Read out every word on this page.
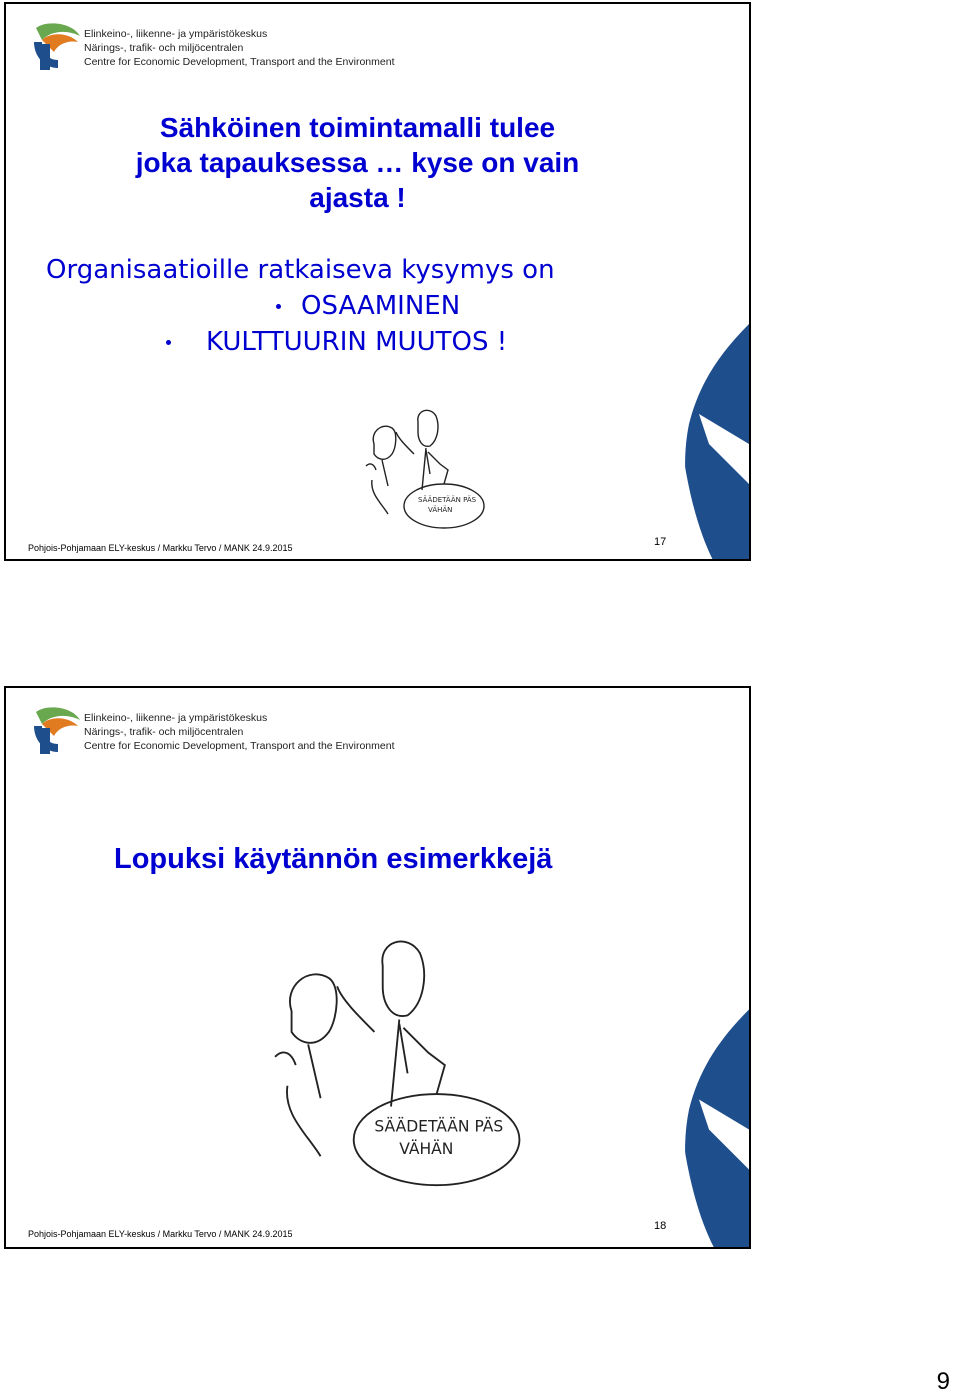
Elinkeino-, liikenne- ja ympäristökeskus
Närings-, trafik- och miljöcentralen
Centre for Economic Development, Transport and the Environment
Sähköinen toimintamalli tulee
joka tapauksessa … kyse on vain
ajasta !
Organisaatioille ratkaiseva kysymys on
OSAAMINEN
KULTTUURIN MUUTOS !
SÄÄDETÄÄN PÄS
VÄHÄN
Pohjois-Pohjamaan ELY-keskus / Markku Tervo / MANK 24.9.2015	17
Elinkeino-, liikenne- ja ympäristökeskus
Närings-, trafik- och miljöcentralen
Centre for Economic Development, Transport and the Environment
Lopuksi käytännön esimerkkejä
SÄÄDETÄÄN PÄS
VÄHÄN
Pohjois-Pohjamaan ELY-keskus / Markku Tervo / MANK 24.9.2015
18
9
